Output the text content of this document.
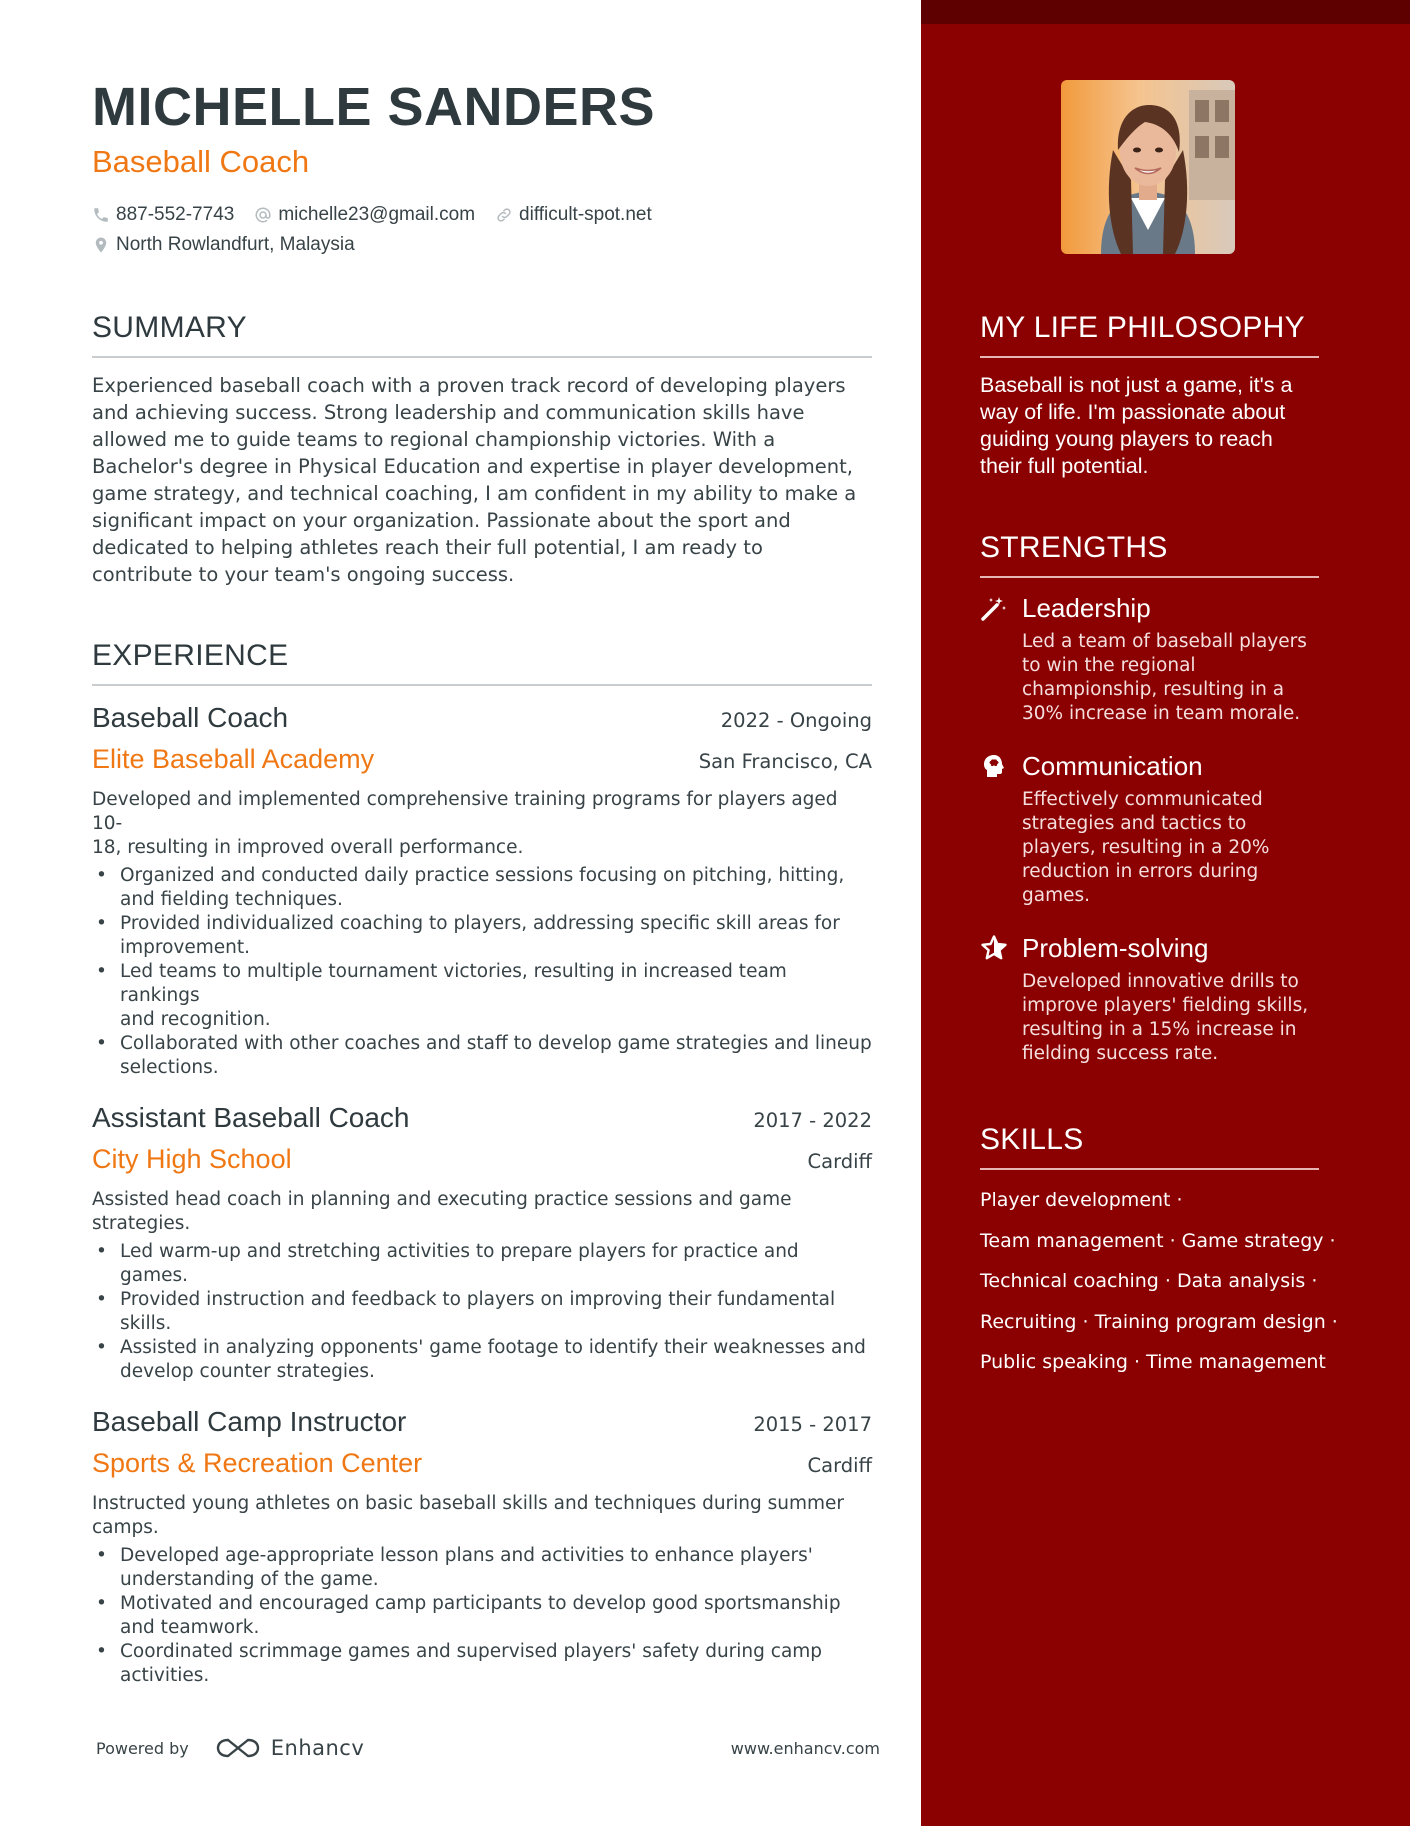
MICHELLE SANDERS
Baseball Coach
887-552-7743 michelle23@gmail.com difficult-spot.net
North Rowlandfurt, Malaysia
SUMMARY
Experienced baseball coach with a proven track record of developing players
and achieving success. Strong leadership and communication skills have
allowed me to guide teams to regional championship victories. With a
Bachelor's degree in Physical Education and expertise in player development,
game strategy, and technical coaching, I am confident in my ability to make a
significant impact on your organization. Passionate about the sport and
dedicated to helping athletes reach their full potential, I am ready to
contribute to your team's ongoing success.
EXPERIENCE
Baseball Coach	2022 - Ongoing
Elite Baseball Academy	San Francisco, CA
Developed and implemented comprehensive training programs for players aged 10-
18, resulting in improved overall performance.
• Organized and conducted daily practice sessions focusing on pitching, hitting,
and fielding techniques.
• Provided individualized coaching to players, addressing specific skill areas for
improvement.
• Led teams to multiple tournament victories, resulting in increased team rankings
and recognition.
• Collaborated with other coaches and staff to develop game strategies and lineup
selections.
Assistant Baseball Coach	2017 - 2022
City High School	Cardiff
Assisted head coach in planning and executing practice sessions and game
strategies.
• Led warm-up and stretching activities to prepare players for practice and games.
• Provided instruction and feedback to players on improving their fundamental
skills.
• Assisted in analyzing opponents' game footage to identify their weaknesses and
develop counter strategies.
Baseball Camp Instructor	2015 - 2017
Sports & Recreation Center	Cardiff
Instructed young athletes on basic baseball skills and techniques during summer
camps.
• Developed age-appropriate lesson plans and activities to enhance players'
understanding of the game.
• Motivated and encouraged camp participants to develop good sportsmanship
and teamwork.
• Coordinated scrimmage games and supervised players' safety during camp
activities.
Powered by	Enhancv	www.enhancv.com
MY LIFE PHILOSOPHY
Baseball is not just a game, it's a
way of life. I'm passionate about
guiding young players to reach
their full potential.
STRENGTHS
Leadership
Led a team of baseball players
to win the regional
championship, resulting in a
30% increase in team morale.
Communication
Effectively communicated
strategies and tactics to
players, resulting in a 20%
reduction in errors during
games.
Problem-solving
Developed innovative drills to
improve players' fielding skills,
resulting in a 15% increase in
fielding success rate.
SKILLS
Player development ·
Team management · Game strategy ·
Technical coaching · Data analysis ·
Recruiting · Training program design ·
Public speaking · Time management
